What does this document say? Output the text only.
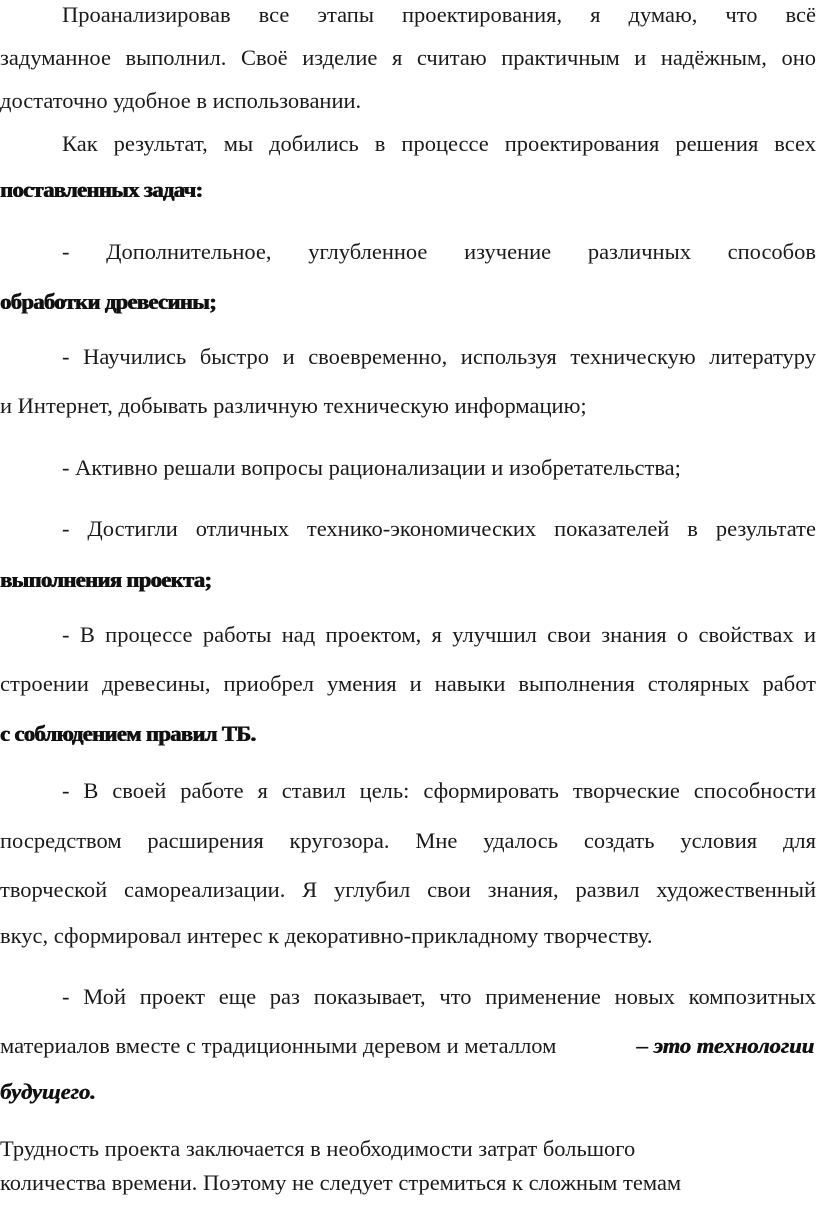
Проанализировав все этапы проектирования, я думаю, что всё
задуманное выполнил. Своё изделие я считаю практичным и надёжным, оно
достаточно удобное в использовании.
Как результат, мы добились в процессе проектирования решения всех
поставленных задач:
- Дополнительное, углубленное изучение различных способов
обработки древесины;
- Научились быстро и своевременно, используя техническую литературу
и Интернет, добывать различную техническую информацию;
- Активно решали вопросы рационализации и изобретательства;
- Достигли отличных технико-экономических показателей в результате
выполнения проекта;
- В процессе работы над проектом, я улучшил свои знания о свойствах и
строении древесины, приобрел умения и навыки выполнения столярных работ
с соблюдением правил ТБ.
- В своей работе я ставил цель: сформировать творческие способности
посредством расширения кругозора. Мне удалось создать условия для
творческой самореализации. Я углубил свои знания, развил художественный
вкус, сформировал интерес к декоративно-прикладному творчеству.
- Мой проект еще раз показывает, что применение новых композитных
материалов вместе с традиционными деревом и металлом	– это технологии
будущего.
Трудность проекта заключается в необходимости затрат большого
количества времени. Поэтому не следует стремиться к сложным темам
